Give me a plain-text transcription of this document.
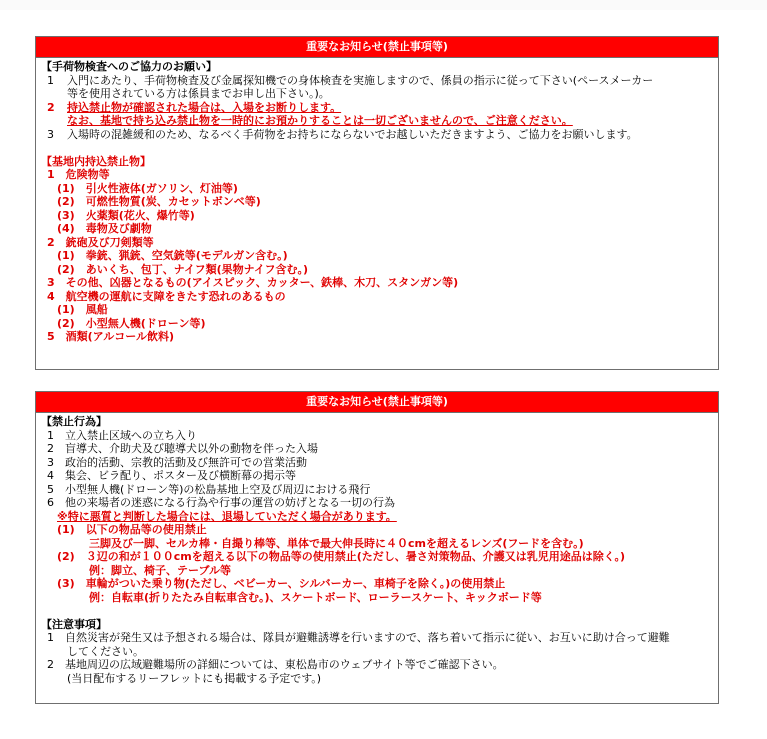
重要なお知らせ(禁止事項等)
【手荷物検査へのご協力のお願い】
1 入門にあたり、手荷物検査及び金属探知機での身体検査を実施しますので、係員の指示に従って下さい(ペースメーカー
等を使用されている方は係員までお申し出下さい。)。
2 持込禁止物が確認された場合は、入場をお断りします。
なお、基地で持ち込み禁止物を一時的にお預かりすることは一切ございませんので、ご注意ください。
3 入場時の混雑緩和のため、なるべく手荷物をお持ちにならないでお越しいただきますよう、ご協力をお願いします。
【基地内持込禁止物】
1　危険物等
(1)　引火性液体(ガソリン、灯油等)
(2)　可燃性物質(炭、カセットボンベ等)
(3)　火薬類(花火、爆竹等)
(4)　毒物及び劇物
2　銃砲及び刀剣類等
(1)　拳銃、猟銃、空気銃等(モデルガン含む。)
(2)　あいくち、包丁、ナイフ類(果物ナイフ含む。)
3　その他、凶器となるもの(アイスピック、カッター、鉄棒、木刀、スタンガン等)
4　航空機の運航に支障をきたす恐れのあるもの
(1)　風船
(2)　小型無人機(ドローン等)
5　酒類(アルコール飲料)
重要なお知らせ(禁止事項等)
【禁止行為】
1　立入禁止区域への立ち入り
2　盲導犬、介助犬及び聴導犬以外の動物を伴った入場
3　政治的活動、宗教的活動及び無許可での営業活動
4　集会、ビラ配り、ポスター及び横断幕の掲示等
5　小型無人機(ドローン等)の松島基地上空及び周辺における飛行
6　他の来場者の迷惑になる行為や行事の運営の妨げとなる一切の行為
※特に悪質と判断した場合には、退場していただく場合があります。
(1)　以下の物品等の使用禁止
三脚及び一脚、セルカ棒・自撮り棒等、単体で最大伸長時に４０cmを超えるレンズ(フードを含む。)
(2)　３辺の和が１００cmを超える以下の物品等の使用禁止(ただし、暑さ対策物品、介護又は乳児用途品は除く。)
例：脚立、椅子、テーブル等
(3)　車輪がついた乗り物(ただし、ベビーカー、シルバーカー、車椅子を除く。)の使用禁止
例：自転車(折りたたみ自転車含む。)、スケートボード、ローラースケート、キックボード等
【注意事項】
1　自然災害が発生又は予想される場合は、隊員が避難誘導を行いますので、落ち着いて指示に従い、お互いに助け合って避難
してください。
2　基地周辺の広域避難場所の詳細については、東松島市のウェブサイト等でご確認下さい。
(当日配布するリーフレットにも掲載する予定です。)
